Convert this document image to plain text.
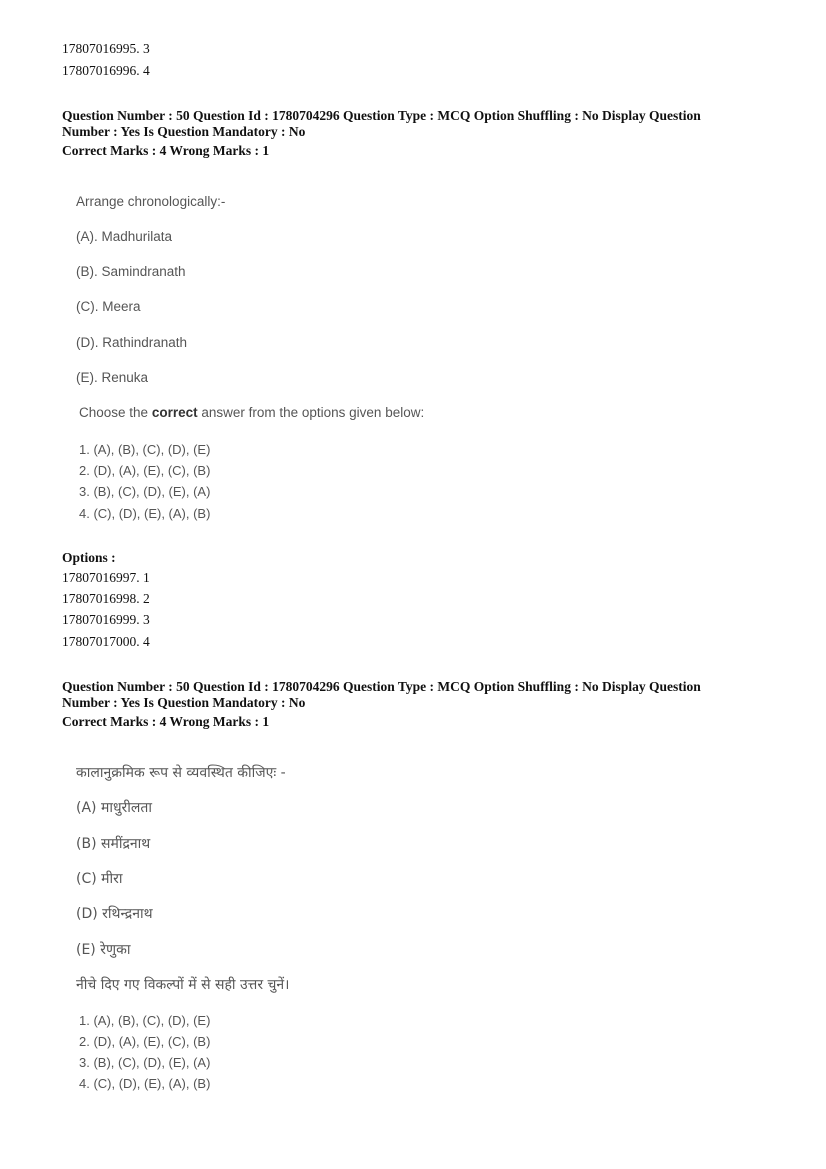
17807016995. 3
17807016996. 4
Question Number : 50 Question Id : 1780704296 Question Type : MCQ Option Shuffling : No Display Question
Number : Yes Is Question Mandatory : No
Correct Marks : 4 Wrong Marks : 1
Arrange chronologically:-
(A). Madhurilata
(B). Samindranath
(C). Meera
(D). Rathindranath
(E). Renuka
Choose the correct answer from the options given below:
1. (A), (B), (C), (D), (E)
2. (D), (A), (E), (C), (B)
3. (B), (C), (D), (E), (A)
4. (C), (D), (E), (A), (B)
Options :
17807016997. 1
17807016998. 2
17807016999. 3
17807017000. 4
Question Number : 50 Question Id : 1780704296 Question Type : MCQ Option Shuffling : No Display Question
Number : Yes Is Question Mandatory : No
Correct Marks : 4 Wrong Marks : 1
कालानुक्रमिक रूप से व्यवस्थित कीजिएः -
(A) माधुरीलता
(B) समींद्रनाथ
(C) मीरा
(D) रथिन्द्रनाथ
(E) रेणुका
नीचे दिए गए विकल्पों में से सही उत्तर चुनें।
1. (A), (B), (C), (D), (E)
2. (D), (A), (E), (C), (B)
3. (B), (C), (D), (E), (A)
4. (C), (D), (E), (A), (B)
